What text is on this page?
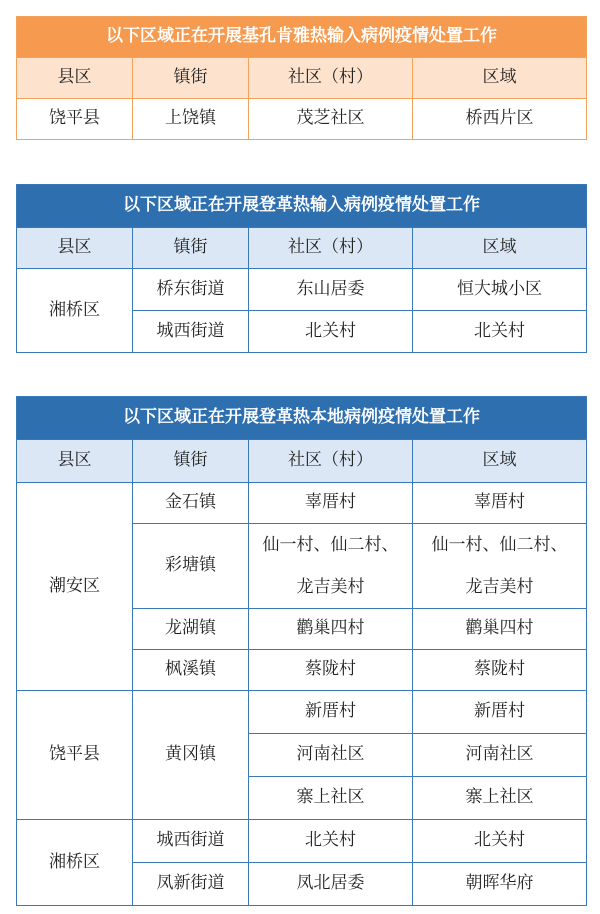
以下区域正在开展基孔肯雅热输入病例疫情处置工作			
县区	镇街	社区（村）	区域
饶平县	上饶镇	茂芝社区	桥西片区
以下区域正在开展登革热输入病例疫情处置工作			
县区	镇街	社区（村）	区域
湘桥区	桥东街道	东山居委	恒大城小区
	城西街道	北关村	北关村
以下区域正在开展登革热本地病例疫情处置工作			
县区	镇街	社区（村）	区域
潮安区	金石镇	辜厝村	辜厝村
	彩塘镇	仙一村、仙二村、龙吉美村	仙一村、仙二村、龙吉美村
	龙湖镇	鹳巢四村	鹳巢四村
	枫溪镇	蔡陇村	蔡陇村
饶平县	黄冈镇	新厝村	新厝村
		河南社区	河南社区
		寨上社区	寨上社区
湘桥区	城西街道	北关村	北关村
	凤新街道	凤北居委	朝晖华府
